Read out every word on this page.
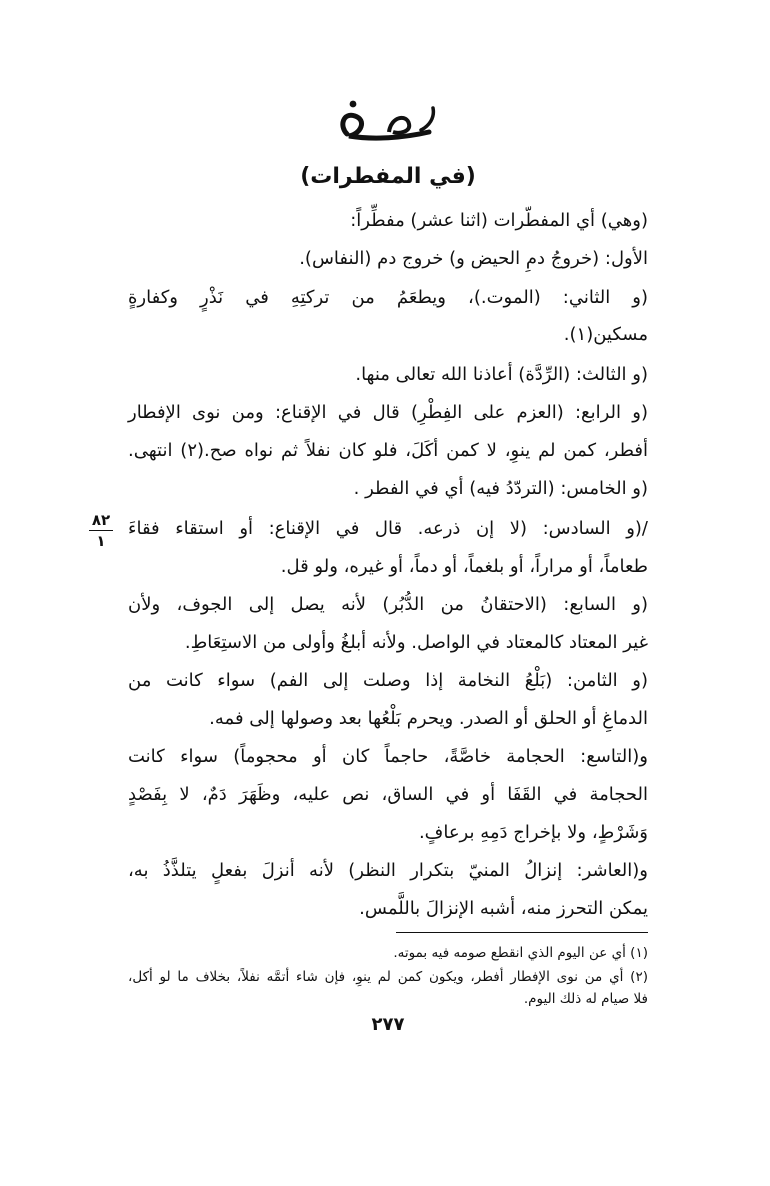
(في المفطرات)
(وهي) أي المفطّرات (اثنا عشر) مفطِّراً:
الأول: (خروجُ دمِ الحيض و) خروج دم (النفاس).
(و الثاني: (الموت.)، ويطعَمُ من تركتِهِ في نَذْرٍ وكفارةٍ
مسكين(١).
(و الثالث: (الرِّدَّة) أعاذنا الله تعالى منها.
(و الرابع: (العزم على الفِطْرِ) قال في الإقناع: ومن نوى الإفطار
أفطر، كمن لم ينوِ، لا كمن أكَلَ، فلو كان نفلاً ثم نواه صح.(٢) انتهى.
(و الخامس: (التردّدُ فيه) أي في الفطر .
/(و السادس: (لا إن ذرعه. قال في الإقناع: أو استقاء فقاءَ
طعاماً، أو مراراً، أو بلغماً، أو دماً، أو غيره، ولو قل.
(و السابع: (الاحتقانُ من الدُّبُر) لأنه يصل إلى الجوف، ولأن
غير المعتاد كالمعتاد في الواصل. ولأنه أبلغُ وأولى من الاستِعَاطِ.
(و الثامن: (بَلْعُ النخامة إذا وصلت إلى الفم) سواء كانت من
الدماغِ أو الحلق أو الصدر. ويحرم بَلْعُها بعد وصولها إلى فمه.
و(التاسع: الحجامة خاصَّةً، حاجماً كان أو محجوماً) سواء كانت
الحجامة في القَفَا أو في الساق، نص عليه، وظَهَرَ دَمٌ، لا بِفَصْدٍ
وَشَرْطٍ، ولا بإخراج دَمِهِ برعافٍ.
و(العاشر: إنزالُ المنيّ بتكرار النظر) لأنه أنزلَ بفعلٍ يتلذَّذُ به،
يمكن التحرز منه، أشبه الإنزالَ باللَّمس.
(١) أي عن اليوم الذي انقطع صومه فيه بموته.
(٢) أي من نوى الإفطار أفطر، ويكون كمن لم ينوِ، فإن شاء أتمَّه نفلاً، بخلاف ما لو أكل،
فلا صيام له ذلك اليوم.
٢٧٧
٨٢
١
